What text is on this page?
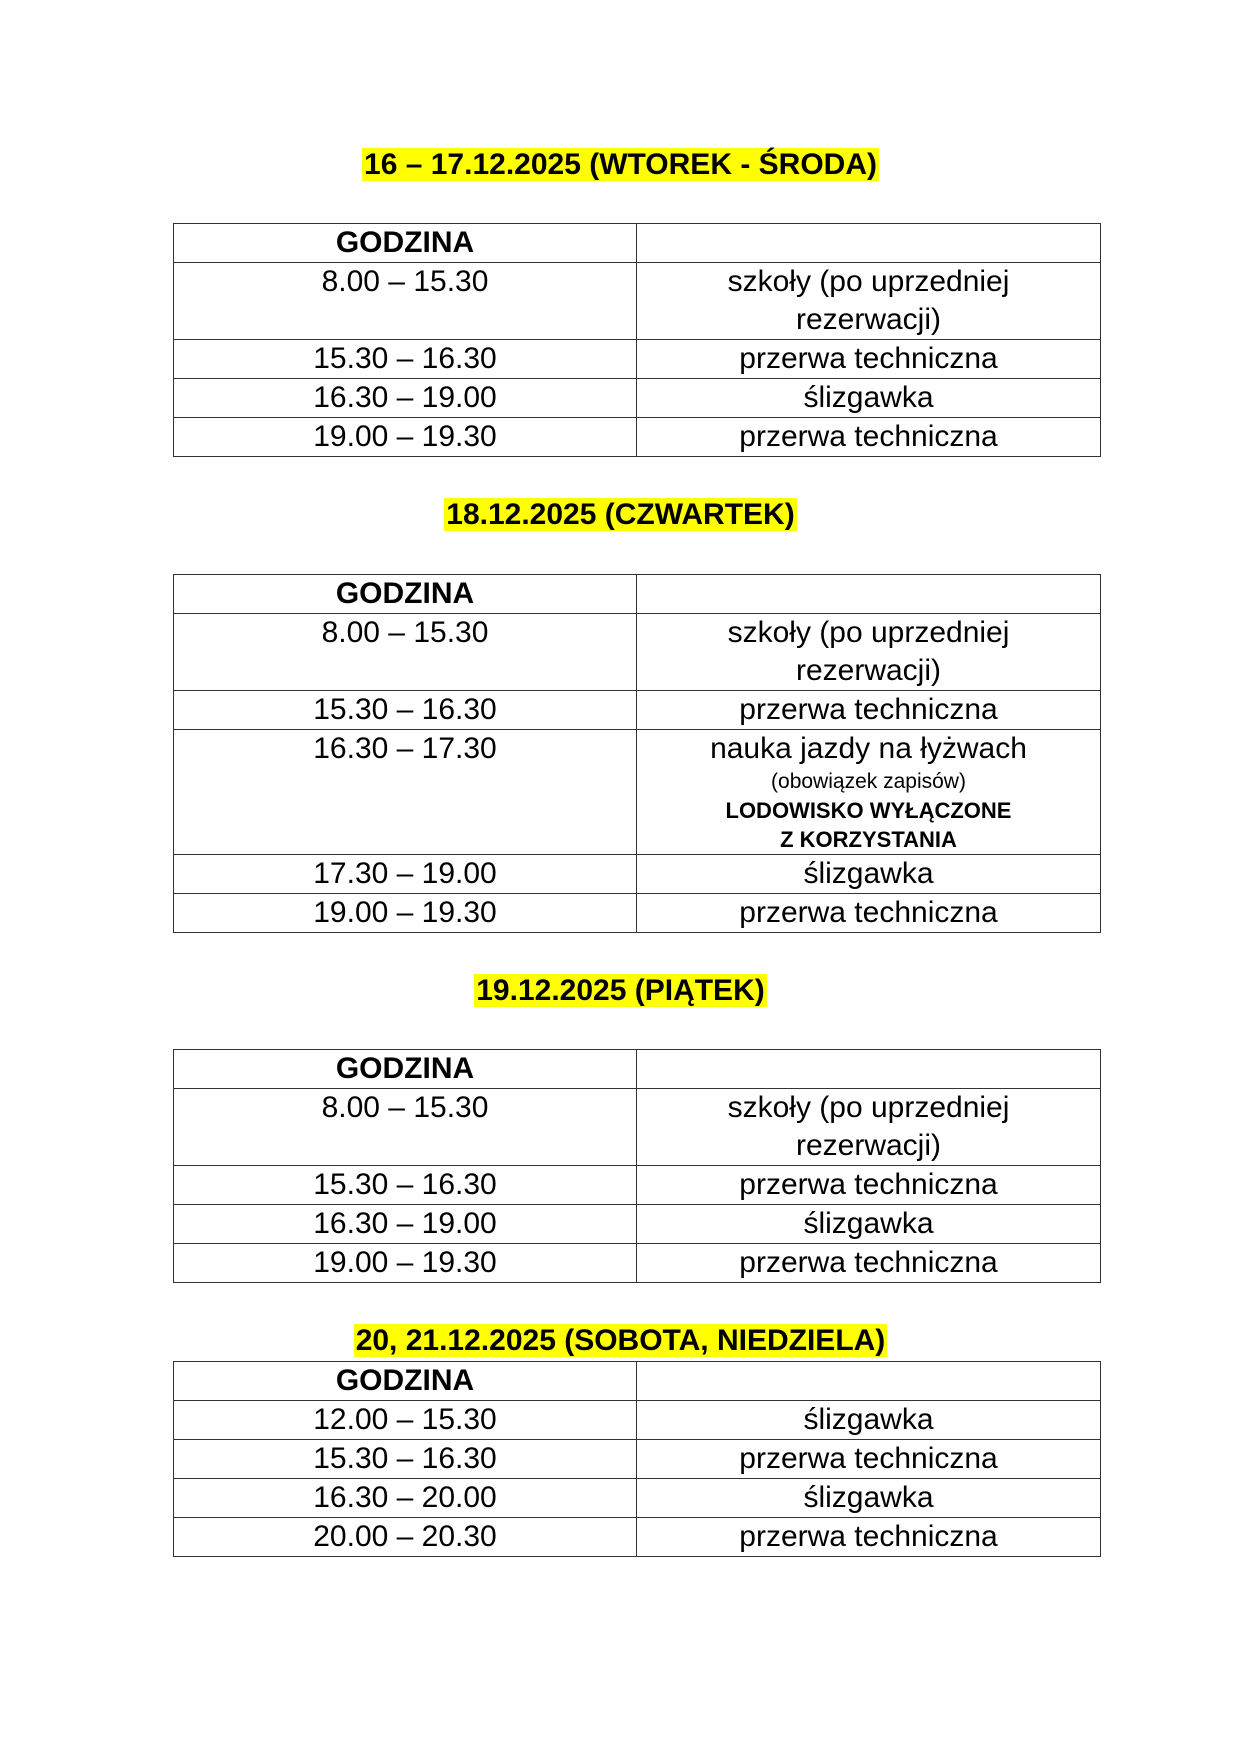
16 – 17.12.2025 (WTOREK - ŚRODA)
GODZINA	
8.00 – 15.30	szkoły (po uprzedniej rezerwacji)
15.30 – 16.30	przerwa techniczna
16.30 – 19.00	ślizgawka
19.00 – 19.30	przerwa techniczna
18.12.2025 (CZWARTEK)
GODZINA	
8.00 – 15.30	szkoły (po uprzedniej rezerwacji)
15.30 – 16.30	przerwa techniczna
16.30 – 17.30	nauka jazdy na łyżwach
(obowiązek zapisów)
LODOWISKO WYŁĄCZONE
Z KORZYSTANIA

17.30 – 19.00	ślizgawka
19.00 – 19.30	przerwa techniczna
19.12.2025 (PIĄTEK)
GODZINA	
8.00 – 15.30	szkoły (po uprzedniej rezerwacji)
15.30 – 16.30	przerwa techniczna
16.30 – 19.00	ślizgawka
19.00 – 19.30	przerwa techniczna
20, 21.12.2025 (SOBOTA, NIEDZIELA)
GODZINA	
12.00 – 15.30	ślizgawka
15.30 – 16.30	przerwa techniczna
16.30 – 20.00	ślizgawka
20.00 – 20.30	przerwa techniczna
